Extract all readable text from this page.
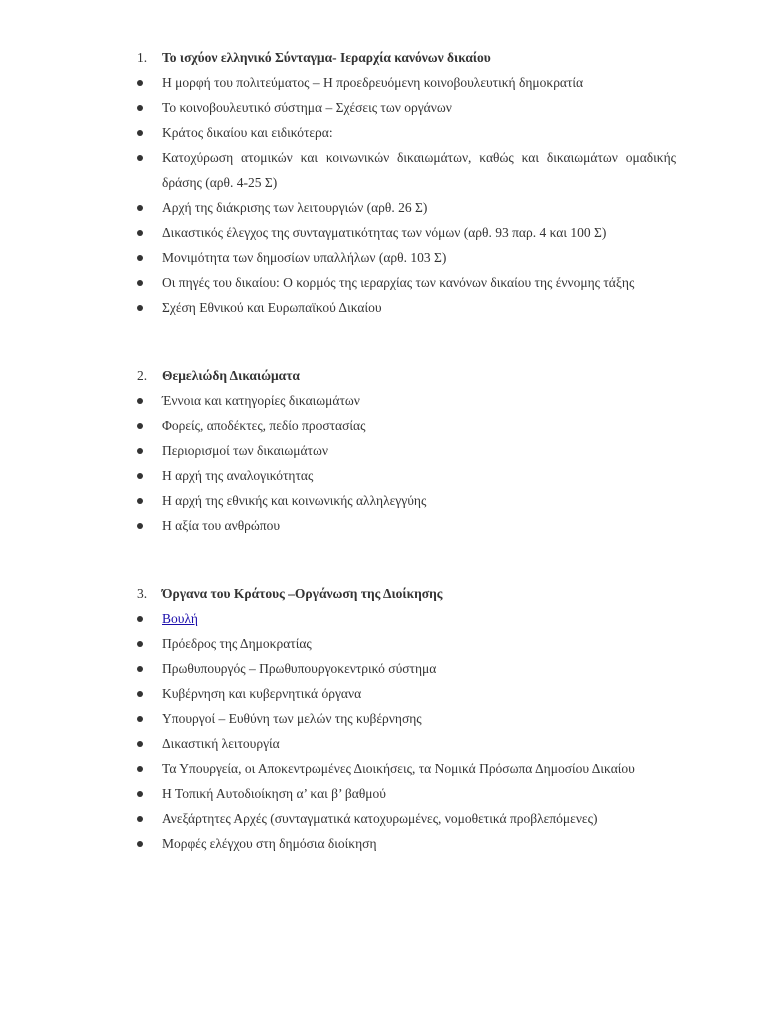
1.	Το ισχύον ελληνικό Σύνταγμα- Ιεραρχία κανόνων δικαίου
Η μορφή του πολιτεύματος – Η προεδρευόμενη κοινοβουλευτική δημοκρατία
Το κοινοβουλευτικό σύστημα – Σχέσεις των οργάνων
Κράτος δικαίου και ειδικότερα:
Κατοχύρωση ατομικών και κοινωνικών δικαιωμάτων, καθώς και δικαιωμάτων ομαδικής δράσης (αρθ. 4-25 Σ)
Αρχή της διάκρισης των λειτουργιών (αρθ. 26 Σ)
Δικαστικός έλεγχος της συνταγματικότητας των νόμων (αρθ. 93 παρ. 4 και 100 Σ)
Μονιμότητα των δημοσίων υπαλλήλων (αρθ. 103 Σ)
Οι πηγές του δικαίου: Ο κορμός της ιεραρχίας των κανόνων δικαίου της έννομης τάξης
Σχέση Εθνικού και Ευρωπαϊκού Δικαίου
2.	Θεμελιώδη Δικαιώματα
Έννοια και κατηγορίες δικαιωμάτων
Φορείς, αποδέκτες, πεδίο προστασίας
Περιορισμοί των δικαιωμάτων
Η αρχή της αναλογικότητας
Η αρχή της εθνικής και κοινωνικής αλληλεγγύης
Η αξία του ανθρώπου
3.	Όργανα του Κράτους –Οργάνωση της Διοίκησης
Βουλή
Πρόεδρος της Δημοκρατίας
Πρωθυπουργός – Πρωθυπουργοκεντρικό σύστημα
Κυβέρνηση και κυβερνητικά όργανα
Υπουργοί – Ευθύνη των μελών της κυβέρνησης
Δικαστική λειτουργία
Τα Υπουργεία, οι Αποκεντρωμένες Διοικήσεις, τα Νομικά Πρόσωπα Δημοσίου Δικαίου
Η Τοπική Αυτοδιοίκηση α’ και β’ βαθμού
Ανεξάρτητες Αρχές (συνταγματικά κατοχυρωμένες, νομοθετικά προβλεπόμενες)
Μορφές ελέγχου στη δημόσια διοίκηση
